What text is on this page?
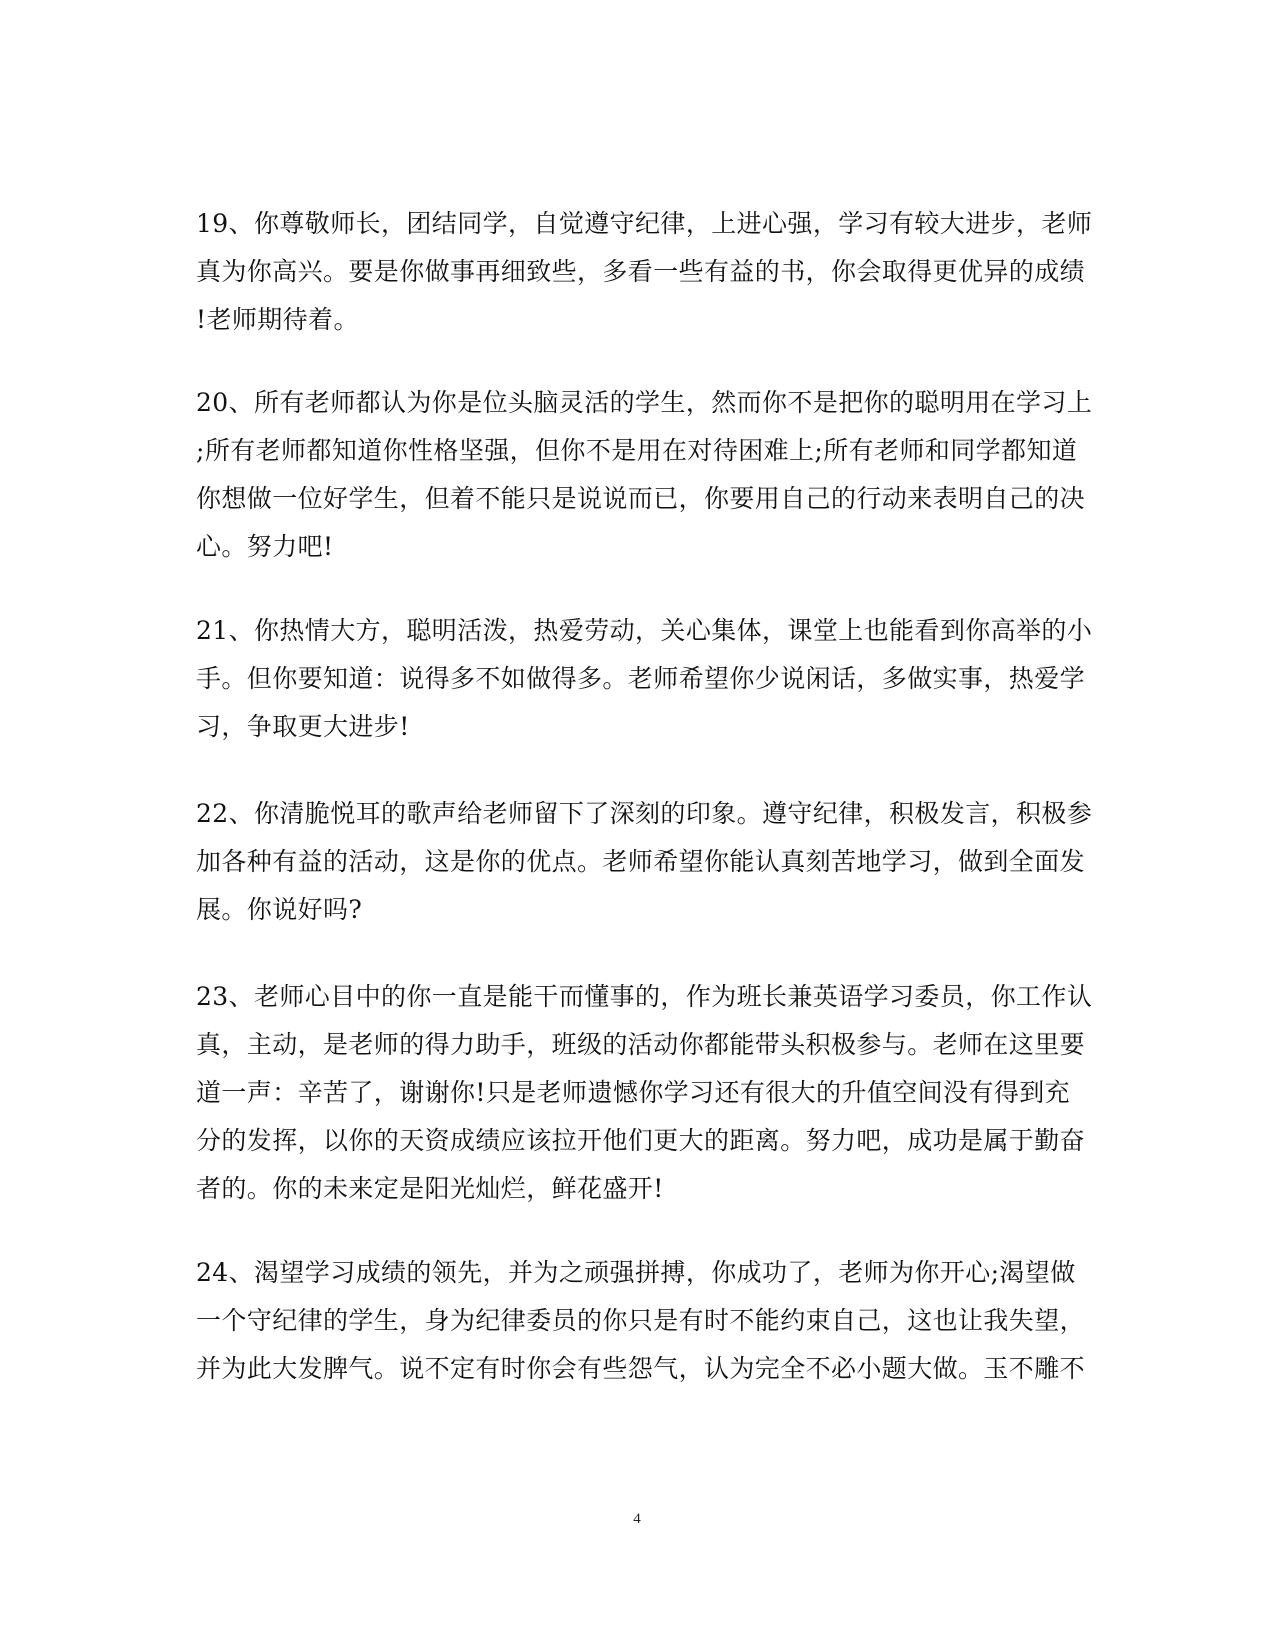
19、你尊敬师长，团结同学，自觉遵守纪律，上进心强，学习有较大进步，老师
真为你高兴。要是你做事再细致些，多看一些有益的书，你会取得更优异的成绩
!老师期待着。
20、所有老师都认为你是位头脑灵活的学生，然而你不是把你的聪明用在学习上
;所有老师都知道你性格坚强，但你不是用在对待困难上;所有老师和同学都知道
你想做一位好学生，但着不能只是说说而已，你要用自己的行动来表明自己的决
心。努力吧!
21、你热情大方，聪明活泼，热爱劳动，关心集体，课堂上也能看到你高举的小
手。但你要知道：说得多不如做得多。老师希望你少说闲话，多做实事，热爱学
习，争取更大进步!
22、你清脆悦耳的歌声给老师留下了深刻的印象。遵守纪律，积极发言，积极参
加各种有益的活动，这是你的优点。老师希望你能认真刻苦地学习，做到全面发
展。你说好吗?
23、老师心目中的你一直是能干而懂事的，作为班长兼英语学习委员，你工作认
真，主动，是老师的得力助手，班级的活动你都能带头积极参与。老师在这里要
道一声：辛苦了，谢谢你!只是老师遗憾你学习还有很大的升值空间没有得到充
分的发挥，以你的天资成绩应该拉开他们更大的距离。努力吧，成功是属于勤奋
者的。你的未来定是阳光灿烂，鲜花盛开!
24、渴望学习成绩的领先，并为之顽强拼搏，你成功了，老师为你开心;渴望做
一个守纪律的学生，身为纪律委员的你只是有时不能约束自己，这也让我失望，
并为此大发脾气。说不定有时你会有些怨气，认为完全不必小题大做。玉不雕不
4
